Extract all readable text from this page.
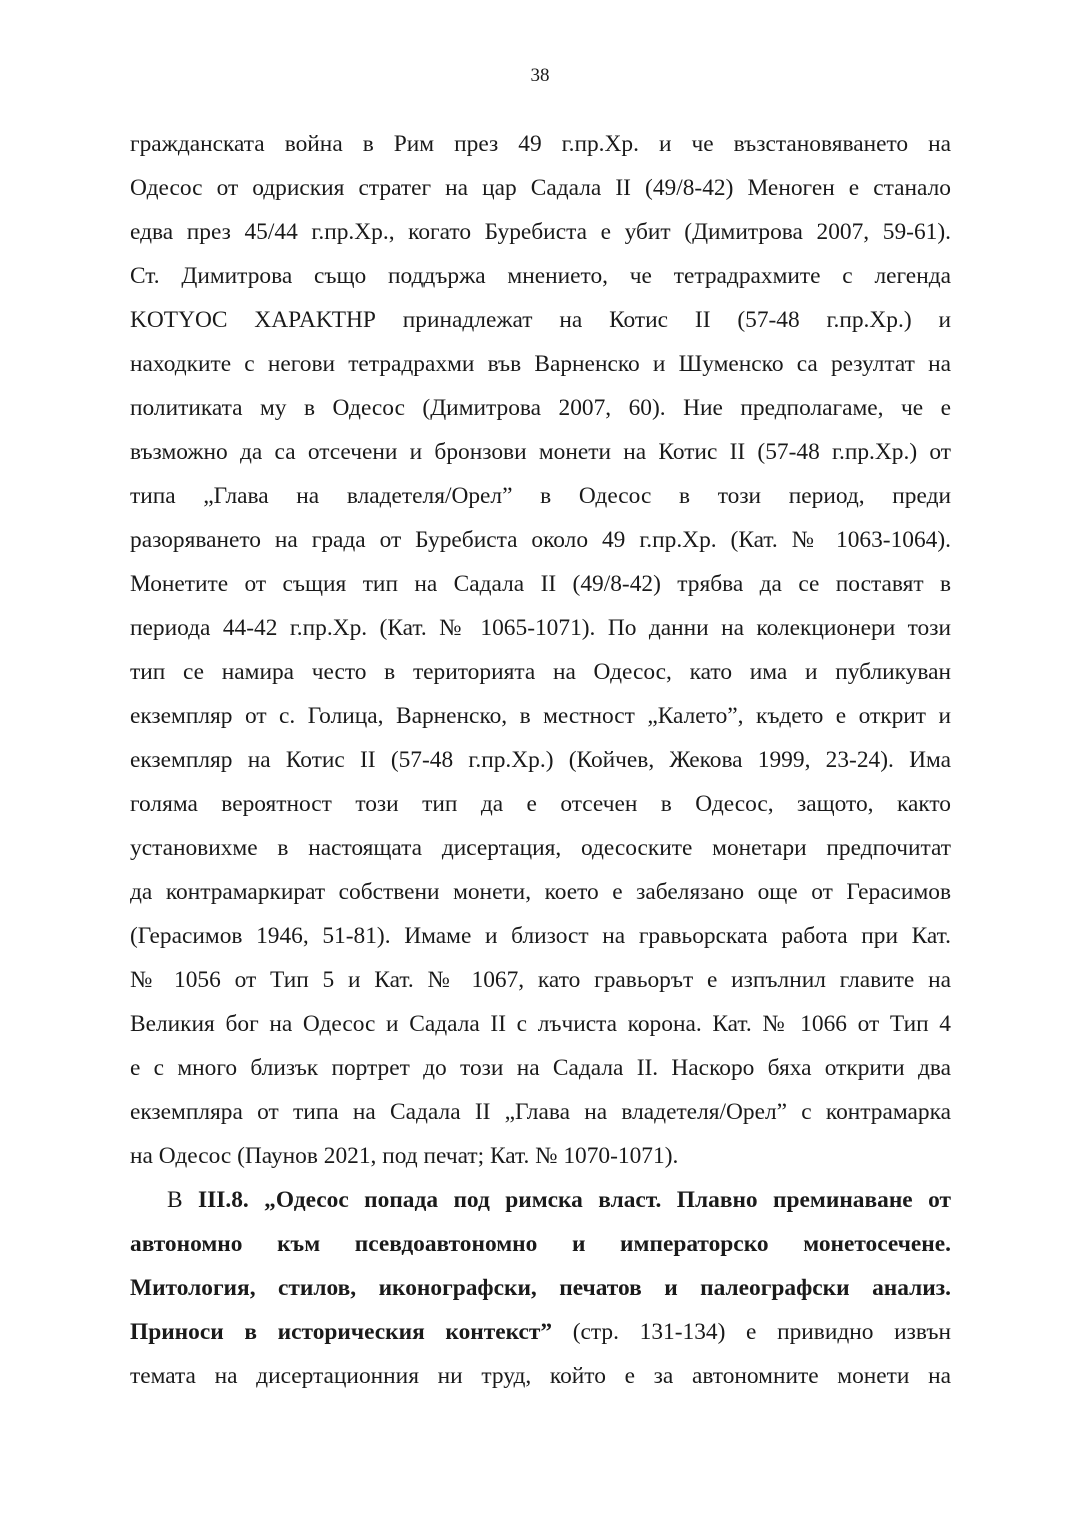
38
гражданската война в Рим през 49 г.пр.Хр. и че възстановяването на
Одесос от одриския стратег на цар Садала II (49/8-42) Меноген е станало
едва през 45/44 г.пр.Хр., когато Буребиста е убит (Димитрова 2007, 59-61).
Ст. Димитрова също поддържа мнението, че тетрадрахмите с легенда
KOTYOC ΧΑΡΑΚΤΗΡ принадлежат на Котис II (57-48 г.пр.Хр.) и
находките с негови тетрадрахми във Варненско и Шуменско са резултат на
политиката му в Одесос (Димитрова 2007, 60). Ние предполагаме, че е
възможно да са отсечени и бронзови монети на Котис II (57-48 г.пр.Хр.) от
типа „Глава на владетеля/Орел” в Одесос в този период, преди
разоряването на града от Буребиста около 49 г.пр.Хр. (Кат. № 1063-1064).
Монетите от същия тип на Садала II (49/8-42) трябва да се поставят в
периода 44-42 г.пр.Хр. (Кат. № 1065-1071). По данни на колекционери този
тип се намира често в територията на Одесос, като има и публикуван
екземпляр от с. Голица, Варненско, в местност „Калето”, където е открит и
екземпляр на Котис II (57-48 г.пр.Хр.) (Койчев, Жекова 1999, 23-24). Има
голяма вероятност този тип да е отсечен в Одесос, защото, както
установихме в настоящата дисертация, одесоските монетари предпочитат
да контрамаркират собствени монети, което е забелязано още от Герасимов
(Герасимов 1946, 51-81). Имаме и близост на гравьорската работа при Кат.
№ 1056 от Тип 5 и Кат. № 1067, като гравьорът е изпълнил главите на
Великия бог на Одесос и Садала II с лъчиста корона. Кат. № 1066 от Тип 4
е с много близък портрет до този на Садала II. Наскоро бяха открити два
екземпляра от типа на Садала II „Глава на владетеля/Орел” с контрамарка
на Одесос (Паунов 2021, под печат; Кат. № 1070-1071).
В III.8. „Одесос попада под римска власт. Плавно преминаване от
автономно към псевдоавтономно и императорско монетосечене.
Митология, стилов, иконографски, печатов и палеографски анализ.
Приноси в историческия контекст” (стр. 131-134) е привидно извън
темата на дисертационния ни труд, който е за автономните монети на
